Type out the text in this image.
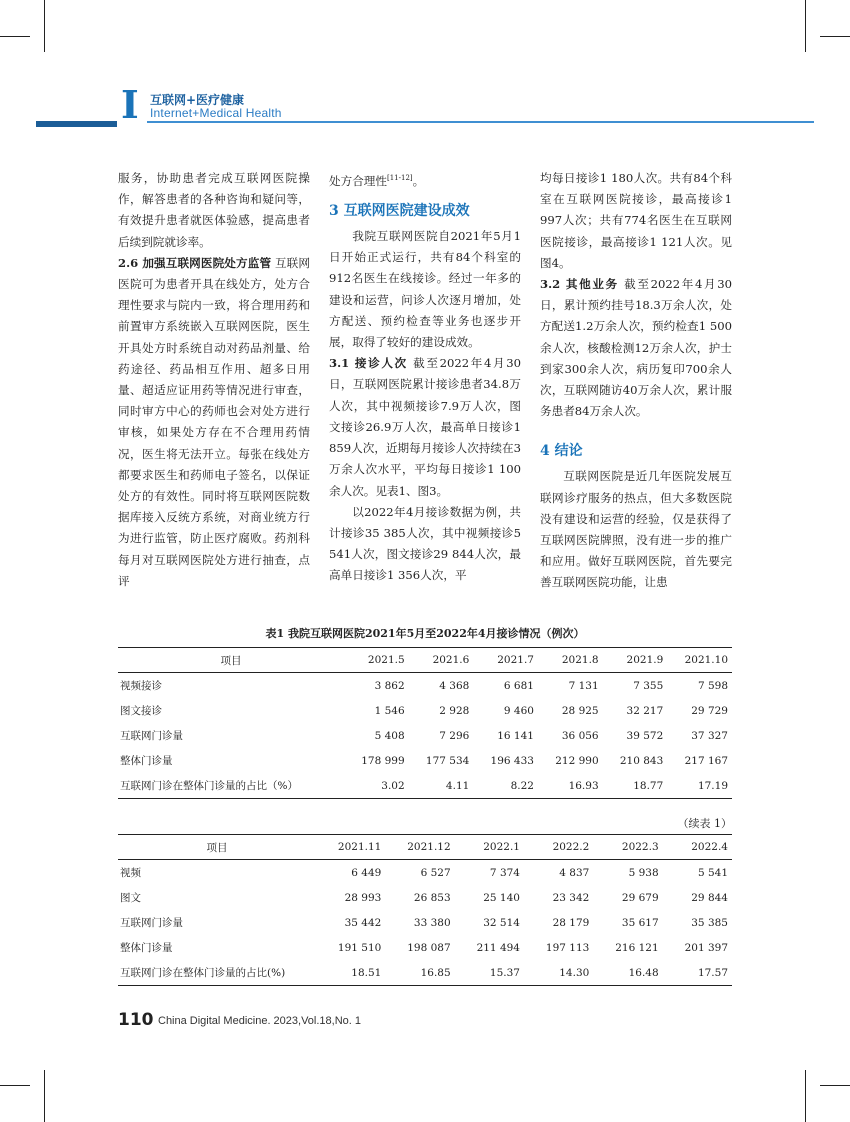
I 互联网+医疗健康
Internet+Medical Health

服务，协助患者完成互联网医院操作，解答患者的各种咨询和疑问等，有效提升患者就医体验感，提高患者后续到院就诊率。

2.6 加强互联网医院处方监管 互联网医院可为患者开具在线处方，处方合理性要求与院内一致，将合理用药和前置审方系统嵌入互联网医院，医生开具处方时系统自动对药品剂量、给药途径、药品相互作用、超多日用量、超适应证用药等情况进行审查，同时审方中心的药师也会对处方进行审核，如果处方存在不合理用药情况，医生将无法开立。每张在线处方都要求医生和药师电子签名，以保证处方的有效性。同时将互联网医院数据库接入反统方系统，对商业统方行为进行监管，防止医疗腐败。药剂科每月对互联网医院处方进行抽查，点评

处方合理性[11-12]。

3 互联网医院建设成效

我院互联网医院自2021年5月1日开始正式运行，共有84个科室的912名医生在线接诊。经过一年多的建设和运营，问诊人次逐月增加，处方配送、预约检查等业务也逐步开展，取得了较好的建设成效。

3.1 接诊人次 截至2022年4月30日，互联网医院累计接诊患者34.8万人次，其中视频接诊7.9万人次，图文接诊26.9万人次，最高单日接诊1 859人次，近期每月接诊人次持续在3万余人次水平，平均每日接诊1 100余人次。见表1、图3。

以2022年4月接诊数据为例，共计接诊35 385人次，其中视频接诊5 541人次，图文接诊29 844人次，最高单日接诊1 356人次，平

均每日接诊1 180人次。共有84个科室在互联网医院接诊，最高接诊1 997人次；共有774名医生在互联网医院接诊，最高接诊1 121人次。见图4。

3.2 其他业务 截至2022年4月30日，累计预约挂号18.3万余人次，处方配送1.2万余人次，预约检查1 500余人次，核酸检测12万余人次，护士到家300余人次，病历复印700余人次，互联网随访40万余人次，累计服务患者84万余人次。

4 结论

互联网医院是近几年医院发展互联网诊疗服务的热点，但大多数医院没有建设和运营的经验，仅是获得了互联网医院牌照，没有进一步的推广和应用。做好互联网医院，首先要完善互联网医院功能，让患

表1 我院互联网医院2021年5月至2022年4月接诊情况（例次）
项目	2021.5	2021.6	2021.7	2021.8	2021.9	2021.10
视频接诊	3 862	4 368	6 681	7 131	7 355	7 598
图文接诊	1 546	2 928	9 460	28 925	32 217	29 729
互联网门诊量	5 408	7 296	16 141	36 056	39 572	37 327
整体门诊量	178 999	177 534	196 433	212 990	210 843	217 167
互联网门诊在整体门诊量的占比（%）	3.02	4.11	8.22	16.93	18.77	17.19
（续表 1）
项目	2021.11	2021.12	2022.1	2022.2	2022.3	2022.4
视频	6 449	6 527	7 374	4 837	5 938	5 541
图文	28 993	26 853	25 140	23 342	29 679	29 844
互联网门诊量	35 442	33 380	32 514	28 179	35 617	35 385
整体门诊量	191 510	198 087	211 494	197 113	216 121	201 397
互联网门诊在整体门诊量的占比(%)	18.51	16.85	15.37	14.30	16.48	17.57
110 China Digital Medicine. 2023,Vol.18,No. 1
